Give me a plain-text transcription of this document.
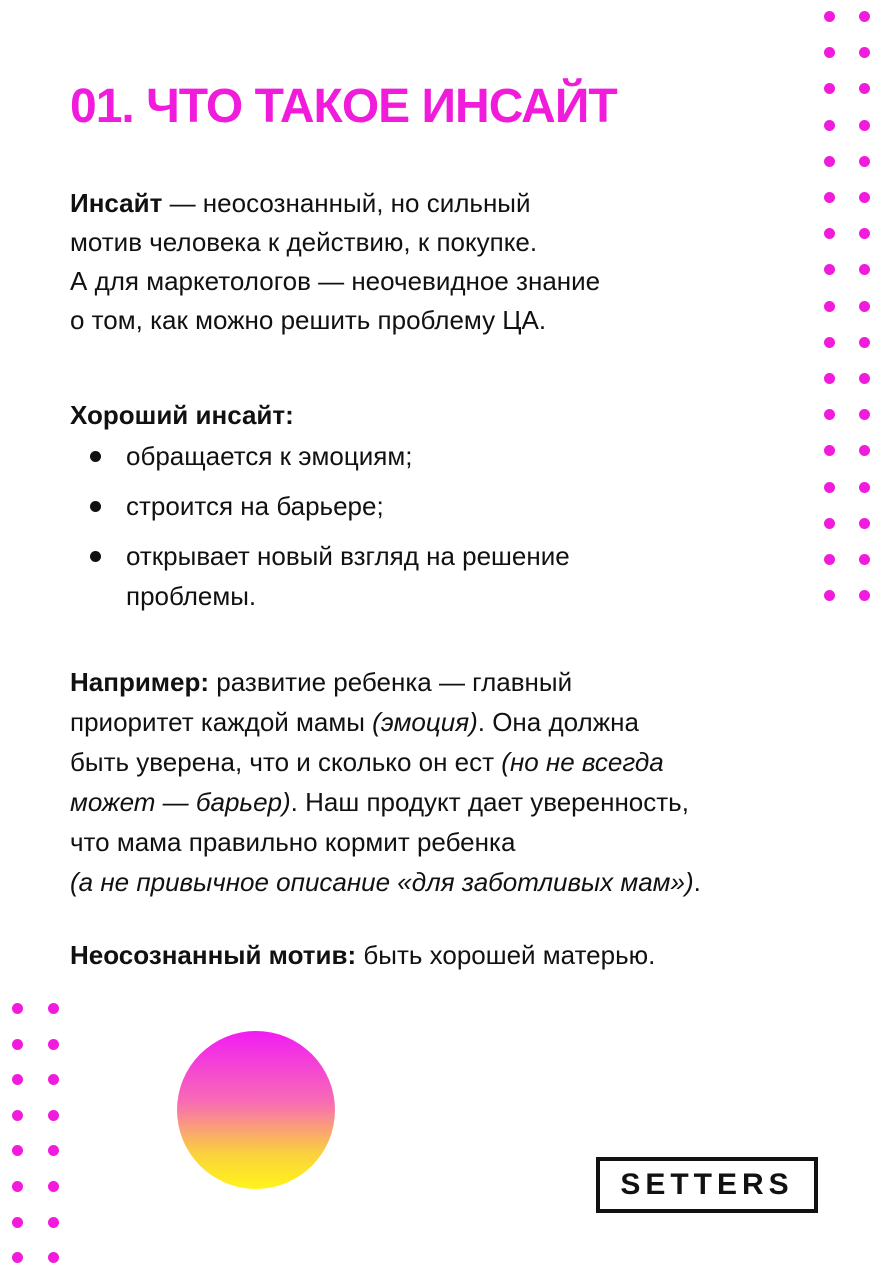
01. ЧТО ТАКОЕ ИНСАЙТ

Инсайт — неосознанный, но сильный
мотив человека к действию, к покупке.
А для маркетологов — неочевидное знание
о том, как можно решить проблему ЦА.

Хороший инсайт:

обращается к эмоциям;
строится на барьере;
открывает новый взгляд на решение проблемы.

Например: развитие ребенка — главный
приоритет каждой мамы (эмоция). Она должна
быть уверена, что и сколько он ест (но не всегда
может — барьер). Наш продукт дает уверенность,
что мама правильно кормит ребенка
(а не привычное описание «для заботливых мам»).

Неосознанный мотив: быть хорошей матерью.

SETTERS
